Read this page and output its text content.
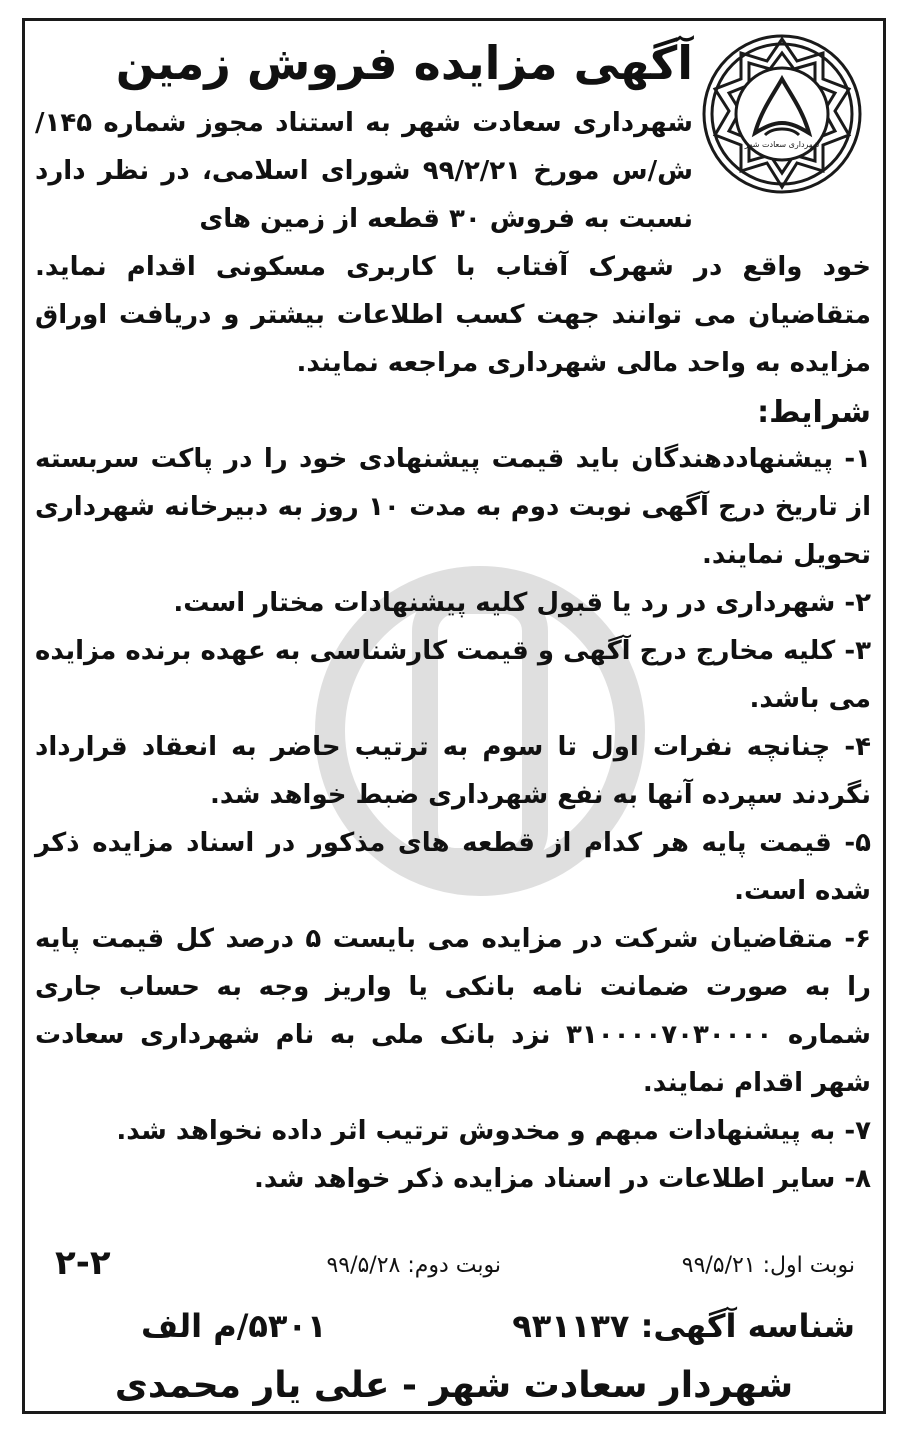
شهرداری سعادت شهر
آگهی مزایده فروش زمین
شهرداری سعادت شهر به استناد مجوز شماره ۱۴۵/ش/س مورخ ۹۹/۲/۲۱ شورای اسلامی، در نظر دارد نسبت به فروش ۳۰ قطعه از زمین های
خود واقع در شهرک آفتاب با کاربری مسکونی اقدام نماید. متقاضیان می توانند جهت کسب اطلاعات بیشتر و دریافت اوراق مزایده به واحد مالی شهرداری مراجعه نمایند.
شرایط:
۱- پیشنهاددهندگان باید قیمت پیشنهادی خود را در پاکت سربسته از تاریخ درج آگهی نوبت دوم به مدت ۱۰ روز به دبیرخانه شهرداری تحویل نمایند.
۲- شهرداری در رد یا قبول کلیه پیشنهادات مختار است.
۳- کلیه مخارج درج آگهی و قیمت کارشناسی به عهده برنده مزایده می باشد.
۴- چنانچه نفرات اول تا سوم به ترتیب حاضر به انعقاد قرارداد نگردند سپرده آنها به نفع شهرداری ضبط خواهد شد.
۵- قیمت پایه هر کدام از قطعه های مذکور در اسناد مزایده ذکر شده است.
۶- متقاضیان شرکت در مزایده می بایست ۵ درصد کل قیمت پایه را به صورت ضمانت نامه بانکی یا واریز وجه به حساب جاری شماره ۳۱۰۰۰۰۷۰۳۰۰۰۰ نزد بانک ملی به نام شهرداری سعادت شهر اقدام نمایند.
۷- به پیشنهادات مبهم و مخدوش ترتیب اثر داده نخواهد شد.
۸- سایر اطلاعات در اسناد مزایده ذکر خواهد شد.
نوبت اول: ۹۹/۵/۲۱
نوبت دوم: ۹۹/۵/۲۸
۲-۲
شناسه آگهی: ۹۳۱۱۳۷
۵۳۰۱/م الف
شهردار سعادت شهر - علی یار محمدی
